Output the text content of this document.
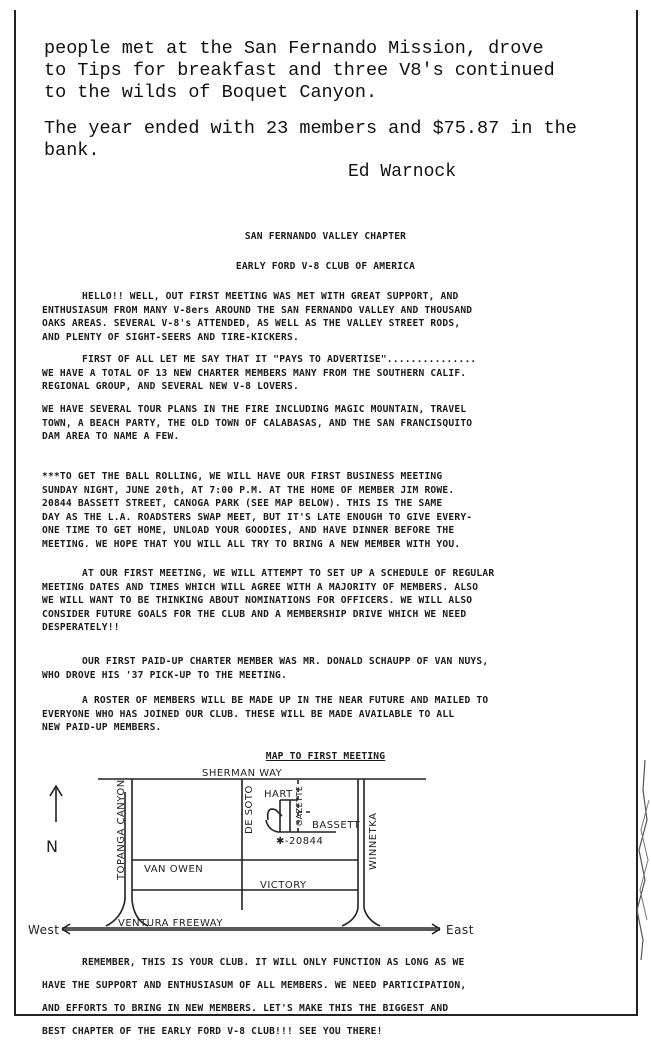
people met at the San Fernando Mission, drove

to Tips for breakfast and three V8's continued

to the wilds of Boquet Canyon.

The year ended with 23 members and $75.87 in the

bank.

Ed Warnock
SAN FERNANDO VALLEY CHAPTER
EARLY FORD V-8 CLUB OF AMERICA

HELLO!! WELL, OUT FIRST MEETING WAS MET WITH GREAT SUPPORT, AND

ENTHUSIASUM FROM MANY V-8ers AROUND THE SAN FERNANDO VALLEY AND THOUSAND

OAKS AREAS. SEVERAL V-8's ATTENDED, AS WELL AS THE VALLEY STREET RODS,

AND PLENTY OF SIGHT-SEERS AND TIRE-KICKERS.

FIRST OF ALL LET ME SAY THAT IT "PAYS TO ADVERTISE"...............

WE HAVE A TOTAL OF 13 NEW CHARTER MEMBERS MANY FROM THE SOUTHERN CALIF.

REGIONAL GROUP, AND SEVERAL NEW V-8 LOVERS.

WE HAVE SEVERAL TOUR PLANS IN THE FIRE INCLUDING MAGIC MOUNTAIN, TRAVEL

TOWN, A BEACH PARTY, THE OLD TOWN OF CALABASAS, AND THE SAN FRANCISQUITO

DAM AREA TO NAME A FEW.

***TO GET THE BALL ROLLING, WE WILL HAVE OUR FIRST BUSINESS MEETING

SUNDAY NIGHT, JUNE 20th, AT 7:00 P.M. AT THE HOME OF MEMBER JIM ROWE.

20844 BASSETT STREET, CANOGA PARK (SEE MAP BELOW). THIS IS THE SAME

DAY AS THE L.A. ROADSTERS SWAP MEET, BUT IT'S LATE ENOUGH TO GIVE EVERY-

ONE TIME TO GET HOME, UNLOAD YOUR GOODIES, AND HAVE DINNER BEFORE THE

MEETING. WE HOPE THAT YOU WILL ALL TRY TO BRING A NEW MEMBER WITH YOU.

AT OUR FIRST MEETING, WE WILL ATTEMPT TO SET UP A SCHEDULE OF REGULAR

MEETING DATES AND TIMES WHICH WILL AGREE WITH A MAJORITY OF MEMBERS. ALSO

WE WILL WANT TO BE THINKING ABOUT NOMINATIONS FOR OFFICERS. WE WILL ALSO

CONSIDER FUTURE GOALS FOR THE CLUB AND A MEMBERSHIP DRIVE WHICH WE NEED

DESPERATELY!!

OUR FIRST PAID-UP CHARTER MEMBER WAS MR. DONALD SCHAUPP OF VAN NUYS,

WHO DROVE HIS '37 PICK-UP TO THE MEETING.

A ROSTER OF MEMBERS WILL BE MADE UP IN THE NEAR FUTURE AND MAILED TO

EVERYONE WHO HAS JOINED OUR CLUB. THESE WILL BE MADE AVAILABLE TO ALL

NEW PAID-UP MEMBERS.

MAP TO FIRST MEETING
SHERMAN WAY
TOPANGA CANYON	DE SOTO HART GAZETTE BASSETT
✱-20844
VAN OWEN
VICTORY
WINNETKA
VENTURA FREEWAY
West	East
N

REMEMBER, THIS IS YOUR CLUB. IT WILL ONLY FUNCTION AS LONG AS WE

HAVE THE SUPPORT AND ENTHUSIASUM OF ALL MEMBERS. WE NEED PARTICIPATION,

AND EFFORTS TO BRING IN NEW MEMBERS. LET'S MAKE THIS THE BIGGEST AND

BEST CHAPTER OF THE EARLY FORD V-8 CLUB!!! SEE YOU THERE!
